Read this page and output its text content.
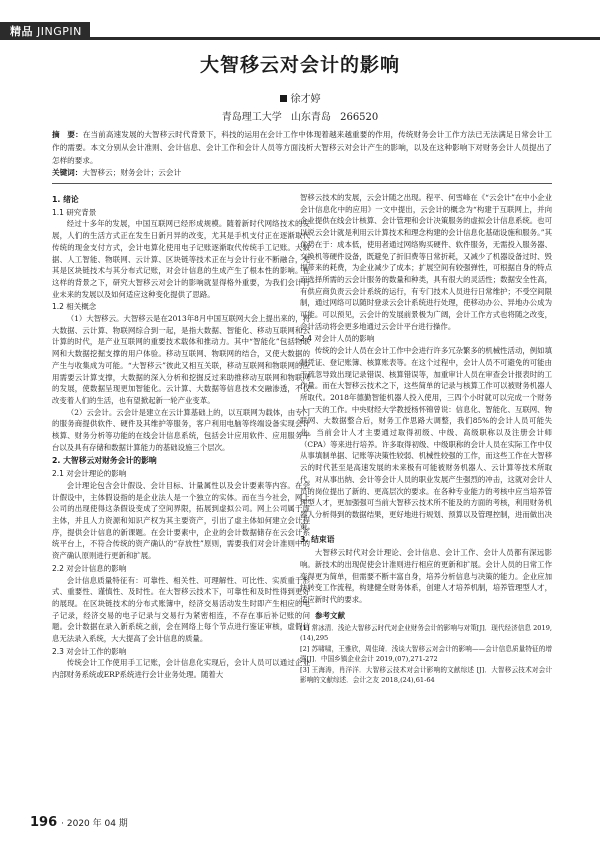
精品 JINGPIN
大智移云对会计的影响
徐才婷
青岛理工大学 山东青岛 266520
摘　要：在当前高速发展的大智移云时代背景下，科技的运用在会计工作中体现着越来越重要的作用，传统财务会计工作方法已无法满足日常会计工作的需要。本文分别从会计准则、会计信息、会计工作和会计人员等方面浅析大智移云对会计产生的影响，以及在这种影响下对财务会计人员提出了怎样的要求。
关键词：大智移云；财务会计；云会计
1. 绪论
1.1 研究背景
经过十多年的发展，中国互联网已经形成规模。随着新时代网络技术的发展，人们的生活方式正在发生日新月异的改变，尤其是手机支付正在逐渐取代传统的现金支付方式，会计电算化使用电子记账逐渐取代传统手工记账。大数据、人工智能、物联网、云计算、区块链等技术正在与会计行业不断融合，尤其是区块链技术与其分布式记账，对会计信息的生成产生了根本性的影响。在这样的背景之下，研究大智移云对会计的影响就显得格外重要，为我们会计行业未来的发展以及如何适应这种变化提供了思路。
1.2 相关概念
（1）大智移云。大智移云是在2013年8月中国互联网大会上提出来的，将大数据、云计算、物联网综合到一起，是指大数据、智能化、移动互联网和云计算的时代，是产业互联网的重要技术载体和推动力。其中“智能化”包括物联网和大数据挖掘支撑的用户体验。移动互联网、物联网的结合，又使大数据的产生与收集成为可能。“大智移云”彼此又相互关联，移动互联网和物联网的应用需要云计算支撑，大数据的深入分析和挖掘反过来助推移动互联网和物联网的发展，使数据呈现更加智能化。云计算、大数据等信息技术交融渗透，不仅改变着人们的生活，也有望掀起新一轮产业变革。
（2）云会计。云会计是建立在云计算基础上的，以互联网为载体，由专门的服务商提供软件、硬件及其维护等服务，客户利用电脑等终端设备实现会计核算、财务分析等功能的在线会计信息系统，包括会计应用软件、应用服务平台以及具有存储和数据计算能力的基础设施三个层次。
2. 大智移云对财务会计的影响
2.1 对会计理论的影响
会计理论包含会计假设、会计目标、计量属性以及会计要素等内容。在会计假设中，主体假设指的是企业法人是一个独立的实体。而在当今社会，网上公司的出现使得这条假设变成了空间界限，拓展到虚拟公司。网上公司属于虚主体，并且人力资源和知识产权为其主要资产，引出了虚主体如何建立会计程序，提供会计信息的新课题。在会计要素中，企业的会计数据储存在云会计系统平台上，不符合传统的资产确认的“存放性”原则，需要我们对会计准则中的资产确认原则进行更新和扩展。
2.2 对会计信息的影响
会计信息质量特征有：可靠性、相关性、可理解性、可比性、实质重于形式、重要性、谨慎性、及时性。在大智移云技术下，可靠性和及时性得到更好的展现。在区块链技术的分布式账簿中，经济交易活动发生时即产生相应的电子记录，经济交易的电子记录与交易行为紧密相连，不存在事后补记账的问题。会计数据在录入新系统之前，会在网络上每个节点进行鉴证审核，虚假信息无法录入系统，大大提高了会计信息的质量。
2.3 对会计工作的影响
传统会计工作使用手工记账，会计信息化实现后，会计人员可以通过企业内部财务系统或ERP系统进行会计业务处理。随着大
智移云技术的发展，云会计随之出现。程平、何雪峰在《“云会计”在中小企业会计信息化中的应用》一文中提出，云会计的概念为“构建于互联网上，并向企业提供在线会计核算、会计管理和会计决策服务的虚拟会计信息系统。也可以说云会计就是利用云计算技术和理念构建的会计信息化基础设施和服务。”其优势在于：成本低，使用者通过网络购买硬件、软件服务，无需投入服务器、交换机等硬件设备，既避免了折旧费等日常折耗，又减少了机器设备过时、毁损带来的耗费，为企业减少了成本；扩展空间有较强弹性，可根据自身的特点而选择所需的云会计服务的数量和种类，具有很大的灵活性；数据安全性高，有供应商负责云会计系统的运行，有专门技术人员进行日常维护；不受空间限制，通过网络可以随时登录云会计系统进行处理，使移动办公、异地办公成为可能。可以预见，云会计的发展前景极为广阔，会计工作方式也将随之改变，会计活动将会更多地通过云会计平台进行操作。
2.4 对会计人员的影响
传统的会计人员在会计工作中会进行许多冗杂繁多的机械性活动，例如填制凭证、登记账簿、核算账表等。在这个过程中，会计人员不可避免的可能由于疏忽导致出现记录错误、核算错误等，加重审计人员在审查会计报表时的工作量。而在大智移云技术之下，这些简单的记录与核算工作可以被财务机器人所取代。2018年德勤智能机器人投入使用，三四个小时就可以完成一个财务人一天的工作。中央财经大学教授杨怀锦曾说：信息化、智能化、互联网、物联网、大数据整合后，财务工作思路大调整，我们85%的会计人员可能失业。当前会计人才主要通过取得初级、中级、高级职称以及注册会计师（CPA）等来进行培养。许多取得初级、中级职称的会计人员在实际工作中仅从事填制单据、记账等决策性较弱、机械性较强的工作，而这些工作在大智移云的时代甚至是高速发展的未来极有可能被财务机器人、云计算等技术所取代。对从事出纳、会计等会计人员的职业发展产生强烈的冲击，这就对会计人员的岗位提出了新的、更高层次的要求。在各种专业能力的考核中应当培养管理型人才，更加强强可当前大智移云技术所不能及的方面的考核，利用财务机器人分析得到的数据结果，更好地进行规划、预算以及管理控制，进而做出决策。
3. 结束语
大智移云时代对会计理论、会计信息、会计工作、会计人员都有深远影响。新技术的出现促使会计准则进行相应的更新和扩展。会计人员的日常工作变得更为简单，但需要不断丰富自身，培养分析信息与决策的能力。企业应加快转变工作流程，构建健全财务体系，创建人才培养机制，培养管理型人才，适应新时代的要求。
参考文献
[1] 常冰清．浅论大智移云时代对企业财务会计的影响与对策[J]．现代经济信息 2019,(14),295
[2] 苏啸啸，王雅欣，周佳琦．浅谈大智移云对会计的影响——会计信息质量特征的增强[J]．中国乡镇企业会计 2019,(07),271-272
[3] 王海涛，肖洋洋．大智移云技术对会计影响的文献综述 [J]．大智移云技术对会计影响的文献综述．会计之友 2018,(24),61-64
196 · 2020 年 04 期
